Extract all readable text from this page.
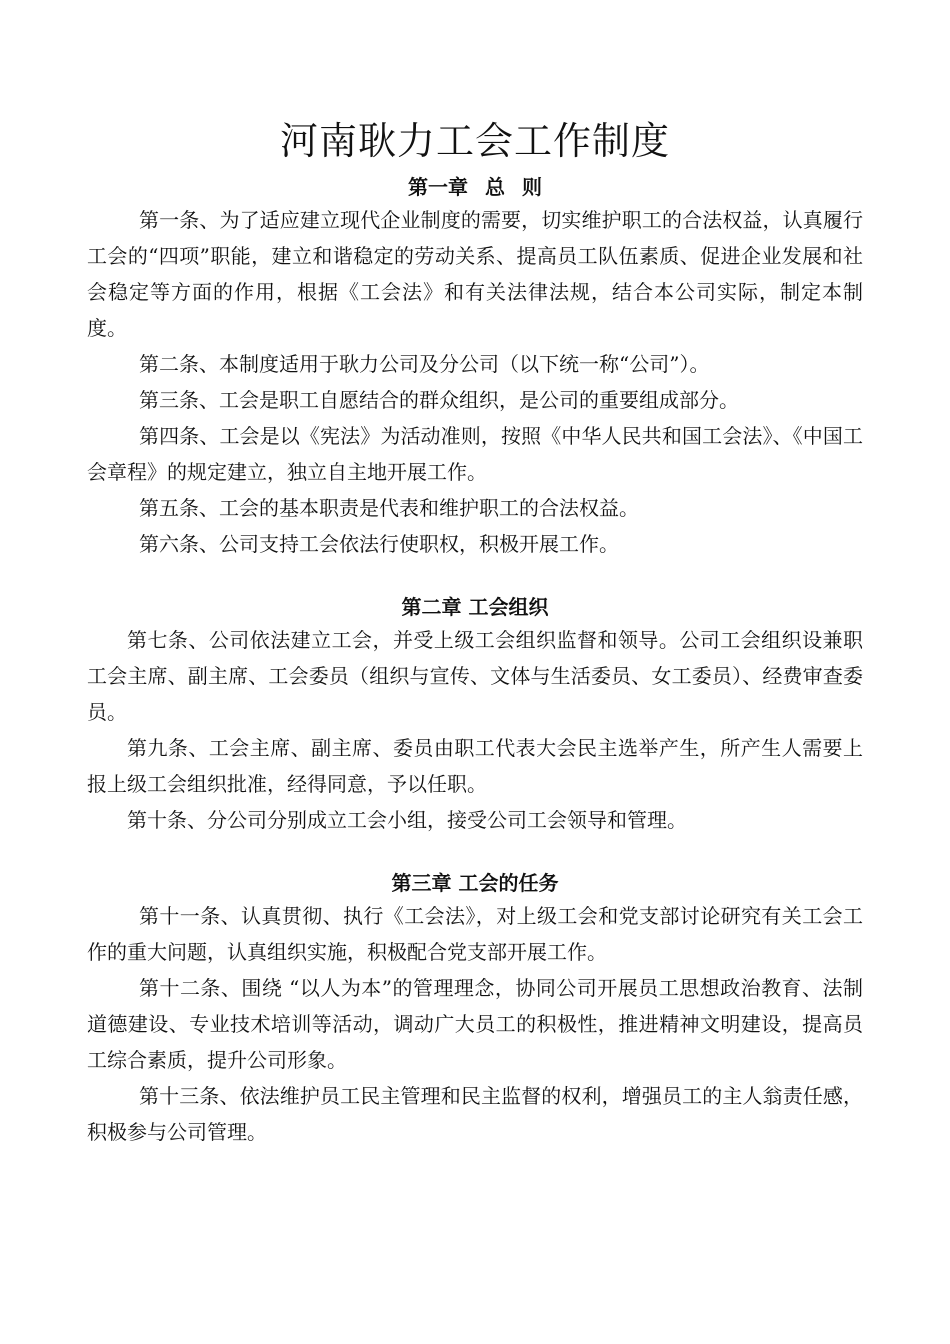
河南耿力工会工作制度
第一章 总 则

第一条、为了适应建立现代企业制度的需要，切实维护职工的合法权益，认真履行工会的“四项”职能，建立和谐稳定的劳动关系、提高员工队伍素质、促进企业发展和社会稳定等方面的作用，根据《工会法》和有关法律法规，结合本公司实际，制定本制度。

第二条、本制度适用于耿力公司及分公司（以下统一称“公司”）。

第三条、工会是职工自愿结合的群众组织，是公司的重要组成部分。

第四条、工会是以《宪法》为活动准则，按照《中华人民共和国工会法》、《中国工会章程》的规定建立，独立自主地开展工作。

第五条、工会的基本职责是代表和维护职工的合法权益。

第六条、公司支持工会依法行使职权，积极开展工作。

第二章 工会组织

第七条、公司依法建立工会，并受上级工会组织监督和领导。公司工会组织设兼职工会主席、副主席、工会委员（组织与宣传、文体与生活委员、女工委员）、经费审查委员。

第九条、工会主席、副主席、委员由职工代表大会民主选举产生，所产生人需要上报上级工会组织批准，经得同意，予以任职。

第十条、分公司分别成立工会小组，接受公司工会领导和管理。

第三章 工会的任务

第十一条、认真贯彻、执行《工会法》，对上级工会和党支部讨论研究有关工会工作的重大问题，认真组织实施，积极配合党支部开展工作。

第十二条、围绕 “以人为本”的管理理念，协同公司开展员工思想政治教育、法制道德建设、专业技术培训等活动，调动广大员工的积极性，推进精神文明建设，提高员工综合素质，提升公司形象。

第十三条、依法维护员工民主管理和民主监督的权利，增强员工的主人翁责任感，积极参与公司管理。
